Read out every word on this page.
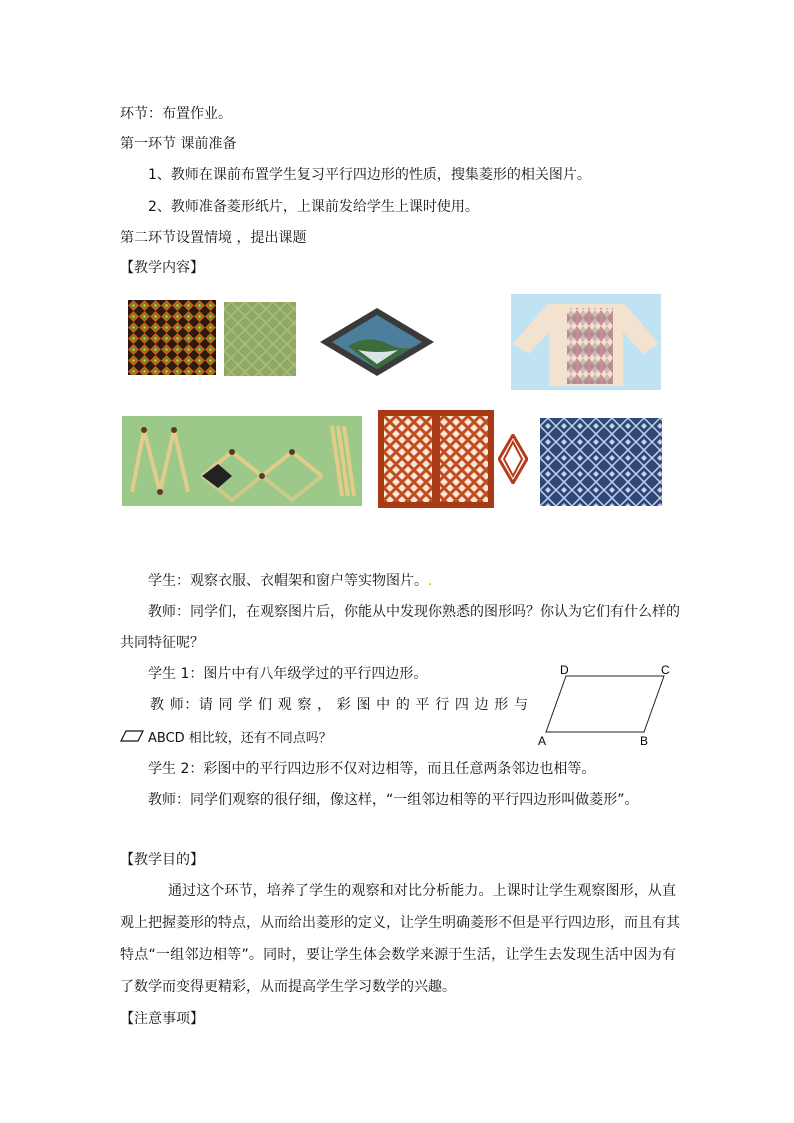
环节：布置作业。
第一环节 课前准备
1、教师在课前布置学生复习平行四边形的性质，搜集菱形的相关图片。
2、教师准备菱形纸片，上课前发给学生上课时使用。
第二环节设置情境 ，提出课题
【教学内容】
学生：观察衣服、衣帽架和窗户等实物图片。.
教师：同学们，在观察图片后，你能从中发现你熟悉的图形吗？你认为它们有什么样的
共同特征呢？
学生 1：图片中有八年级学过的平行四边形。
教 师：请 同 学 们 观 察 ， 彩 图 中 的 平 行 四 边 形 与
ABCD 相比较，还有不同点吗？
学生 2：彩图中的平行四边形不仅对边相等，而且任意两条邻边也相等。
教师：同学们观察的很仔细，像这样，“一组邻边相等的平行四边形叫做菱形”。
D	C
A	B
【教学目的】
通过这个环节，培养了学生的观察和对比分析能力。上课时让学生观察图形，从直
观上把握菱形的特点，从而给出菱形的定义，让学生明确菱形不但是平行四边形，而且有其
特点“一组邻边相等”。同时，要让学生体会数学来源于生活，让学生去发现生活中因为有
了数学而变得更精彩，从而提高学生学习数学的兴趣。
【注意事项】
